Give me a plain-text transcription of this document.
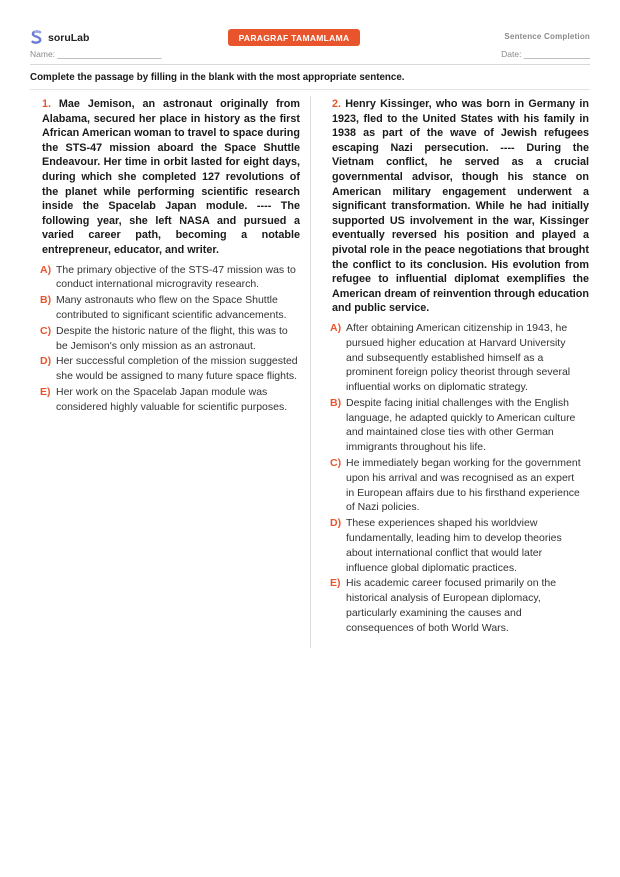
soruLab	PARAGRAF TAMAMLAMA	Sentence Completion
Name: ______________________	Date: ______________
Complete the passage by filling in the blank with the most appropriate sentence.

1. Mae Jemison, an astronaut originally from Alabama, secured her place in history as the first African American woman to travel to space during the STS-47 mission aboard the Space Shuttle Endeavour. Her time in orbit lasted for eight days, during which she completed 127 revolutions of the planet while performing scientific research inside the Spacelab Japan module. ---- The following year, she left NASA and pursued a varied career path, becoming a notable entrepreneur, educator, and writer.

A) The primary objective of the STS-47 mission was to conduct international microgravity research.
B) Many astronauts who flew on the Space Shuttle contributed to significant scientific advancements.
C) Despite the historic nature of the flight, this was to be Jemison's only mission as an astronaut.
D) Her successful completion of the mission suggested she would be assigned to many future space flights.
E) Her work on the Spacelab Japan module was considered highly valuable for scientific purposes.

2. Henry Kissinger, who was born in Germany in 1923, fled to the United States with his family in 1938 as part of the wave of Jewish refugees escaping Nazi persecution. ---- During the Vietnam conflict, he served as a crucial governmental advisor, though his stance on American military engagement underwent a significant transformation. While he had initially supported US involvement in the war, Kissinger eventually reversed his position and played a pivotal role in the peace negotiations that brought the conflict to its conclusion. His evolution from refugee to influential diplomat exemplifies the American dream of reinvention through education and public service.

A) After obtaining American citizenship in 1943, he pursued higher education at Harvard University and subsequently established himself as a prominent foreign policy theorist through several influential works on diplomatic strategy.
B) Despite facing initial challenges with the English language, he adapted quickly to American culture and maintained close ties with other German immigrants throughout his life.
C) He immediately began working for the government upon his arrival and was recognised as an expert in European affairs due to his firsthand experience of Nazi policies.
D) These experiences shaped his worldview fundamentally, leading him to develop theories about international conflict that would later influence global diplomatic practices.
E) His academic career focused primarily on the historical analysis of European diplomacy, particularly examining the causes and consequences of both World Wars.
